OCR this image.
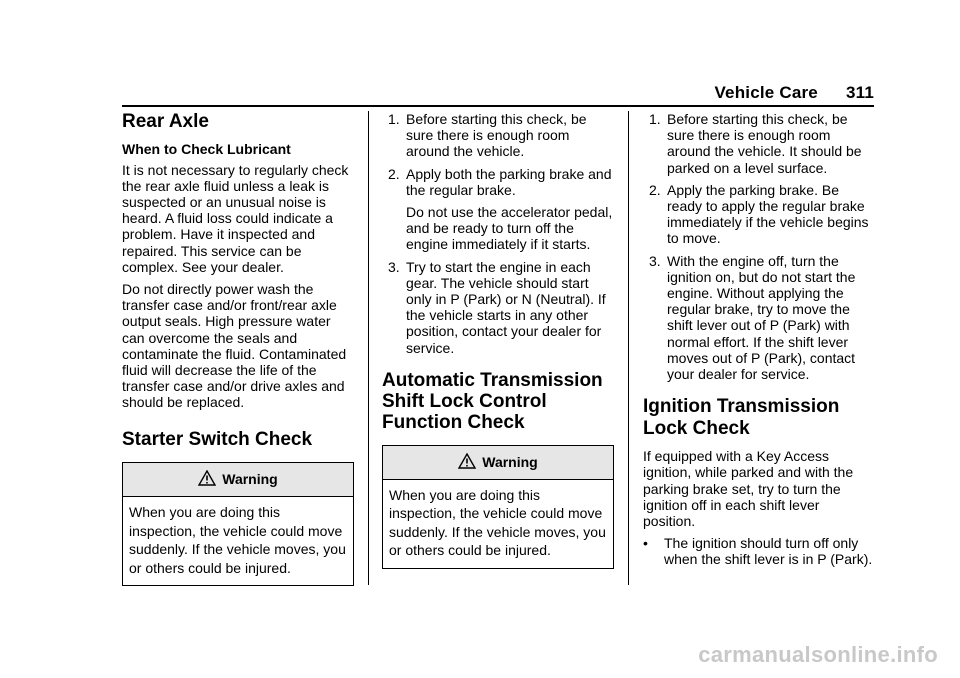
Vehicle Care 311
Rear Axle
When to Check Lubricant

It is not necessary to regularly check the rear axle fluid unless a leak is suspected or an unusual noise is heard. A fluid loss could indicate a problem. Have it inspected and repaired. This service can be complex. See your dealer.

Do not directly power wash the transfer case and/or front/rear axle output seals. High pressure water can overcome the seals and contaminate the fluid. Contaminated fluid will decrease the life of the transfer case and/or drive axles and should be replaced.

Starter Switch Check
Warning
When you are doing this inspection, the vehicle could move suddenly. If the vehicle moves, you or others could be injured.
1. Before starting this check, be sure there is enough room around the vehicle.
2. Apply both the parking brake and the regular brake.

Do not use the accelerator pedal, and be ready to turn off the engine immediately if it starts.

3. Try to start the engine in each gear. The vehicle should start only in P (Park) or N (Neutral). If the vehicle starts in any other position, contact your dealer for service.
Automatic Transmission Shift Lock Control Function Check
Warning
When you are doing this inspection, the vehicle could move suddenly. If the vehicle moves, you or others could be injured.
1. Before starting this check, be sure there is enough room around the vehicle. It should be parked on a level surface.
2. Apply the parking brake. Be ready to apply the regular brake immediately if the vehicle begins to move.
3. With the engine off, turn the ignition on, but do not start the engine. Without applying the regular brake, try to move the shift lever out of P (Park) with normal effort. If the shift lever moves out of P (Park), contact your dealer for service.
Ignition Transmission Lock Check

If equipped with a Key Access ignition, while parked and with the parking brake set, try to turn the ignition off in each shift lever position.

• The ignition should turn off only when the shift lever is in P (Park).
carmanualsonline.info
